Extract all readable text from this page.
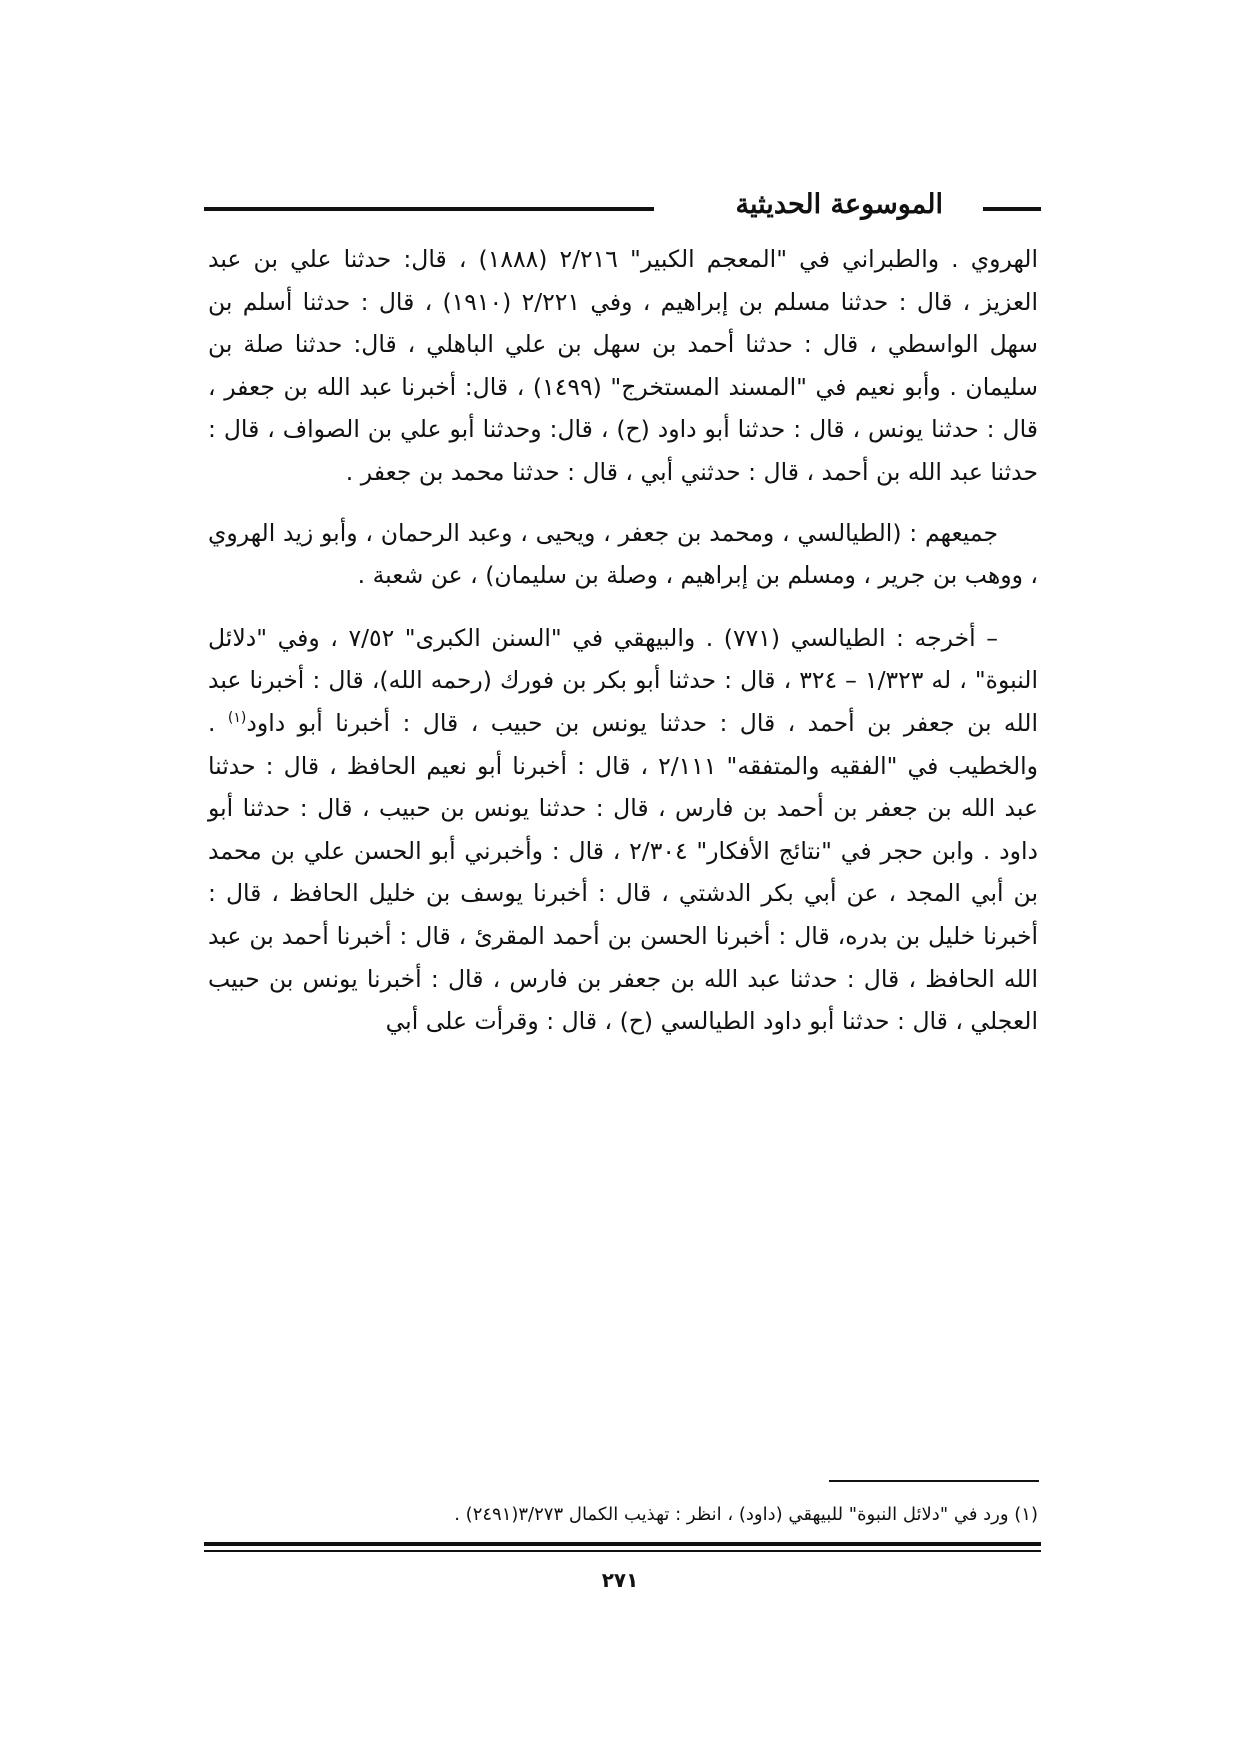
الموسوعة الحديثية

الهروي . والطبراني في "المعجم الكبير" ٢/٢١٦ (١٨٨٨) ، قال: حدثنا علي بن عبد العزيز ، قال : حدثنا مسلم بن إبراهيم ، وفي ٢/٢٢١ (١٩١٠) ، قال : حدثنا أسلم بن سهل الواسطي ، قال : حدثنا أحمد بن سهل بن علي الباهلي ، قال: حدثنا صلة بن سليمان . وأبو نعيم في "المسند المستخرج" (١٤٩٩) ، قال: أخبرنا عبد الله بن جعفر ، قال : حدثنا يونس ، قال : حدثنا أبو داود (ح) ، قال: وحدثنا أبو علي بن الصواف ، قال : حدثنا عبد الله بن أحمد ، قال : حدثني أبي ، قال : حدثنا محمد بن جعفر .

جميعهم : (الطيالسي ، ومحمد بن جعفر ، ويحيى ، وعبد الرحمان ، وأبو زيد الهروي ، ووهب بن جرير ، ومسلم بن إبراهيم ، وصلة بن سليمان) ، عن شعبة .

– أخرجه : الطيالسي (٧٧١) . والبيهقي في "السنن الكبرى" ٧/٥٢ ، وفي "دلائل النبوة" ، له ١/٣٢٣ – ٣٢٤ ، قال : حدثنا أبو بكر بن فورك (رحمه الله)، قال : أخبرنا عبد الله بن جعفر بن أحمد ، قال : حدثنا يونس بن حبيب ، قال : أخبرنا أبو داود$^{(١)}$ . والخطيب في "الفقيه والمتفقه" ٢/١١١ ، قال : أخبرنا أبو نعيم الحافظ ، قال : حدثنا عبد الله بن جعفر بن أحمد بن فارس ، قال : حدثنا يونس بن حبيب ، قال : حدثنا أبو داود . وابن حجر في "نتائج الأفكار" ٢/٣٠٤ ، قال : وأخبرني أبو الحسن علي بن محمد بن أبي المجد ، عن أبي بكر الدشتي ، قال : أخبرنا يوسف بن خليل الحافظ ، قال : أخبرنا خليل بن بدره، قال : أخبرنا الحسن بن أحمد المقرئ ، قال : أخبرنا أحمد بن عبد الله الحافظ ، قال : حدثنا عبد الله بن جعفر بن فارس ، قال : أخبرنا يونس بن حبيب العجلي ، قال : حدثنا أبو داود الطيالسي (ح) ، قال : وقرأت على أبي

(١) ورد في "دلائل النبوة" للبيهقي (داود) ، انظر : تهذيب الكمال ٣/٢٧٣(٢٤٩١) .
٢٧١
